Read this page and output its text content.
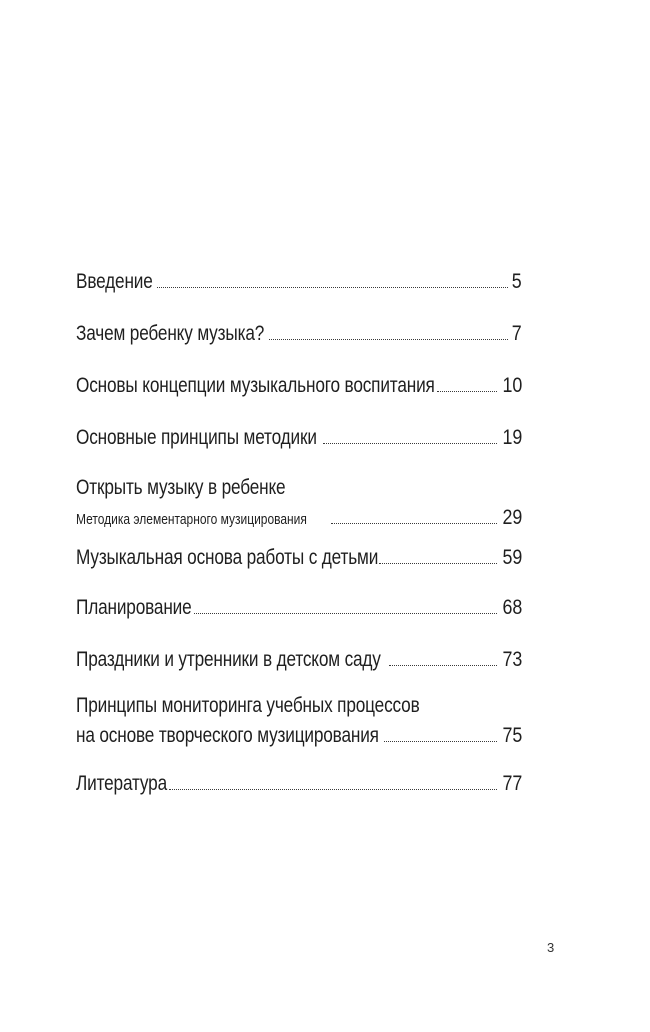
Введение	5
Зачем ребенку музыка?	7
Основы концепции музыкального воспитания	10
Основные принципы методики	19
Открыть музыку в ребенке
Методика элементарного музицирования	29
Музыкальная основа работы с детьми	59
Планирование	68
Праздники и утренники в детском саду	73
Принципы мониторинга учебных процессов
на основе творческого музицирования	75
Литература	77
3
